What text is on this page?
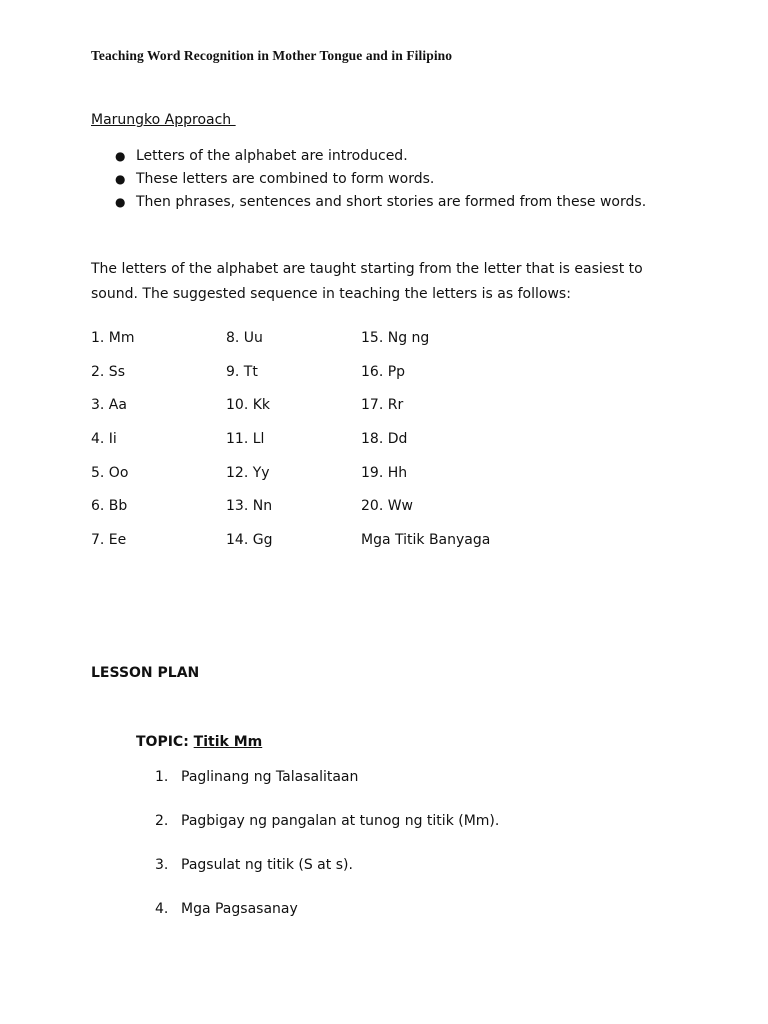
Teaching Word Recognition in Mother Tongue and in Filipino
Marungko Approach
● Letters of the alphabet are introduced.
● These letters are combined to form words.
● Then phrases, sentences and short stories are formed from these words.
The letters of the alphabet are taught starting from the letter that is easiest to sound. The suggested sequence in teaching the letters is as follows:
1. Mm	8. Uu	15. Ng ng
2. Ss	9. Tt	16. Pp
3. Aa	10. Kk	17. Rr
4. Ii	11. Ll	18. Dd
5. Oo	12. Yy	19. Hh
6. Bb	13. Nn	20. Ww
7. Ee	14. Gg	Mga Titik Banyaga
LESSON PLAN
TOPIC: Titik Mm
1. Paglinang ng Talasalitaan
2. Pagbigay ng pangalan at tunog ng titik (Mm).
3. Pagsulat ng titik (S at s).
4. Mga Pagsasanay
